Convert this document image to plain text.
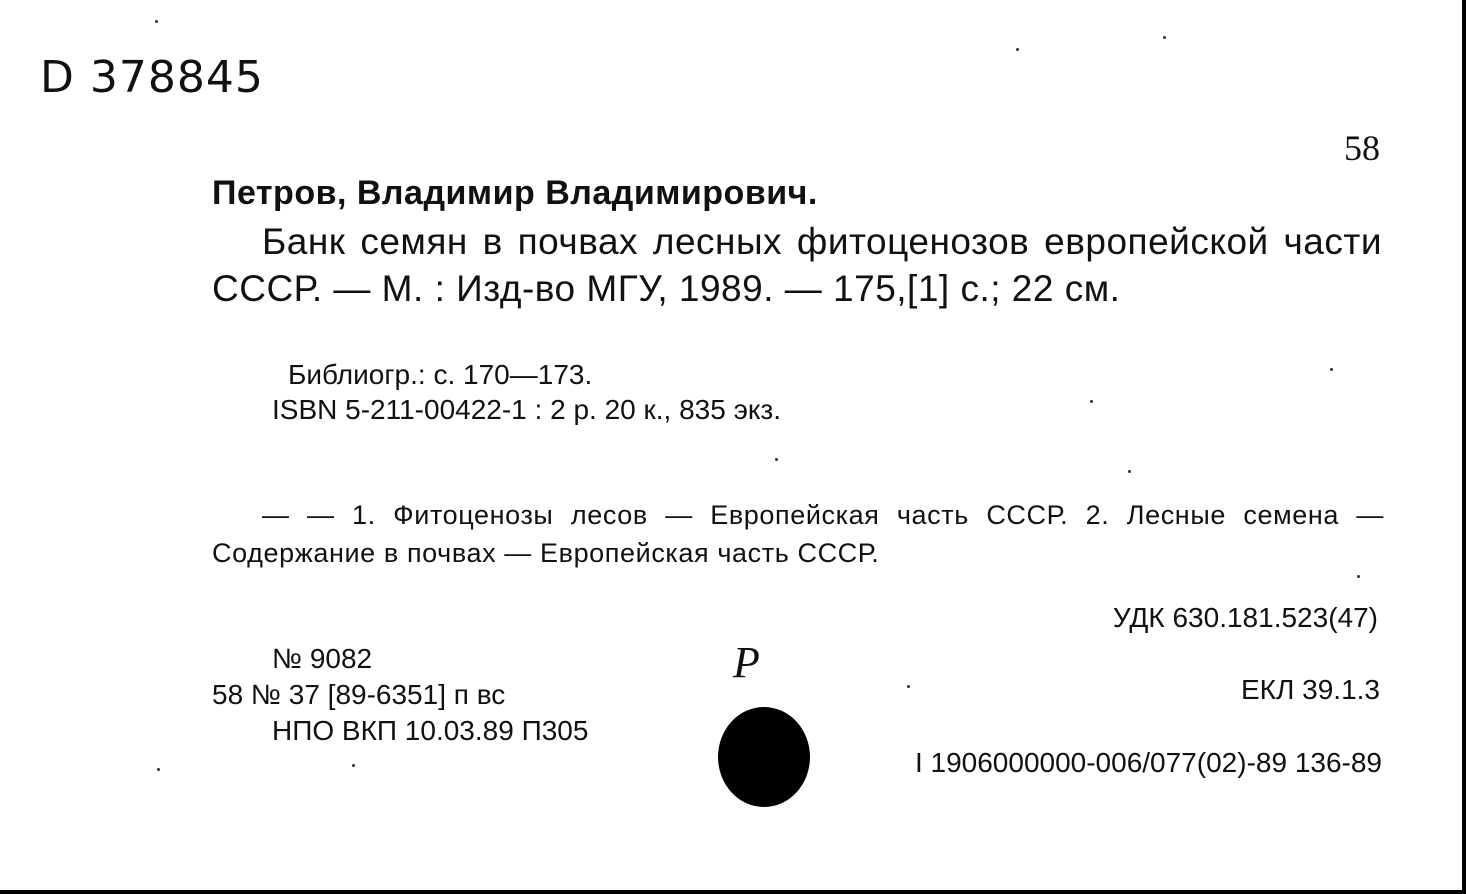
D 378845
58
Петров, Владимир Владимирович.
Банк семян в почвах лесных фитоценозов европейской части СССР. — М. : Изд-во МГУ, 1989. — 175,[1] с.; 22 см.
Библиогр.: с. 170—173.
ISBN 5-211-00422-1 : 2 р. 20 к., 835 экз.
— — 1. Фитоценозы лесов — Европейская часть СССР. 2. Лесные семена — Содержание в почвах — Европейская часть СССР.
УДК 630.181.523(47)
№ 9082	Р
ЕКЛ 39.1.3
58 № 37 [89-6351] п вс
НПО ВКП 10.03.89 П305
I 1906000000-006/077(02)-89 136-89
